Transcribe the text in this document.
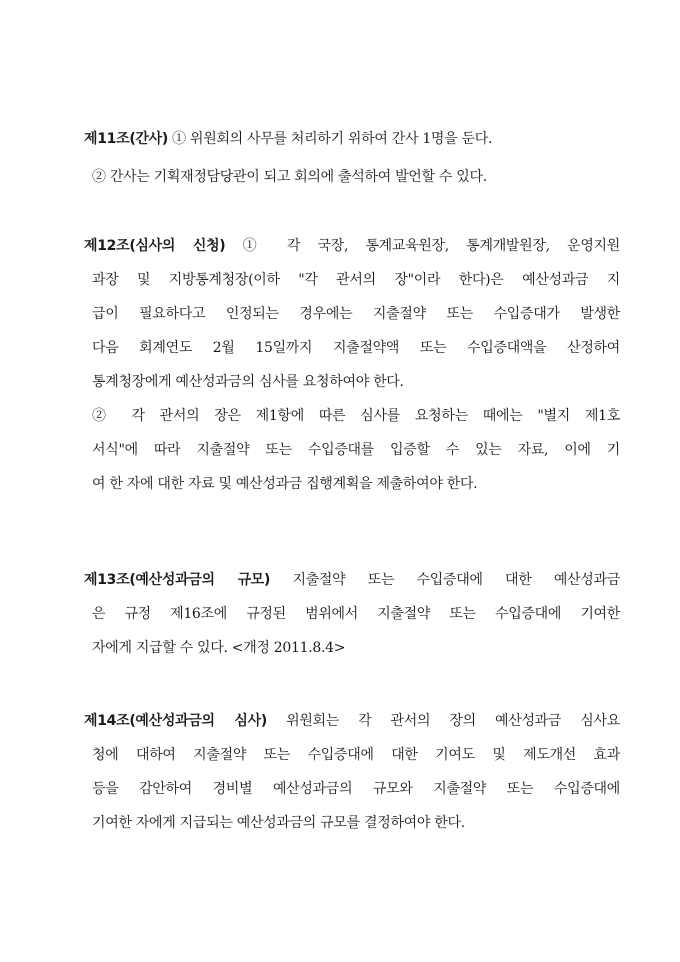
제11조(간사) ① 위원회의 사무를 처리하기 위하여 간사 1명을 둔다.
② 간사는 기획재정담당관이 되고 회의에 출석하여 발언할 수 있다.
제12조(심사의 신청) ① 각 국장, 통계교육원장, 통계개발원장, 운영지원
과장 및 지방통계청장(이하 "각 관서의 장"이라 한다)은 예산성과금 지
급이 필요하다고 인정되는 경우에는 지출절약 또는 수입증대가 발생한
다음 회계연도 2월 15일까지 지출절약액 또는 수입증대액을 산정하여
통계청장에게 예산성과금의 심사를 요청하여야 한다.
② 각 관서의 장은 제1항에 따른 심사를 요청하는 때에는 "별지 제1호
서식"에 따라 지출절약 또는 수입증대를 입증할 수 있는 자료, 이에 기
여 한 자에 대한 자료 및 예산성과금 집행계획을 제출하여야 한다.
제13조(예산성과금의 규모) 지출절약 또는 수입증대에 대한 예산성과금
은 규정 제16조에 규정된 범위에서 지출절약 또는 수입증대에 기여한
자에게 지급할 수 있다. <개정 2011.8.4>
제14조(예산성과금의 심사) 위원회는 각 관서의 장의 예산성과금 심사요
청에 대하여 지출절약 또는 수입증대에 대한 기여도 및 제도개선 효과
등을 감안하여 경비별 예산성과금의 규모와 지출절약 또는 수입증대에
기여한 자에게 지급되는 예산성과금의 규모를 결정하여야 한다.
